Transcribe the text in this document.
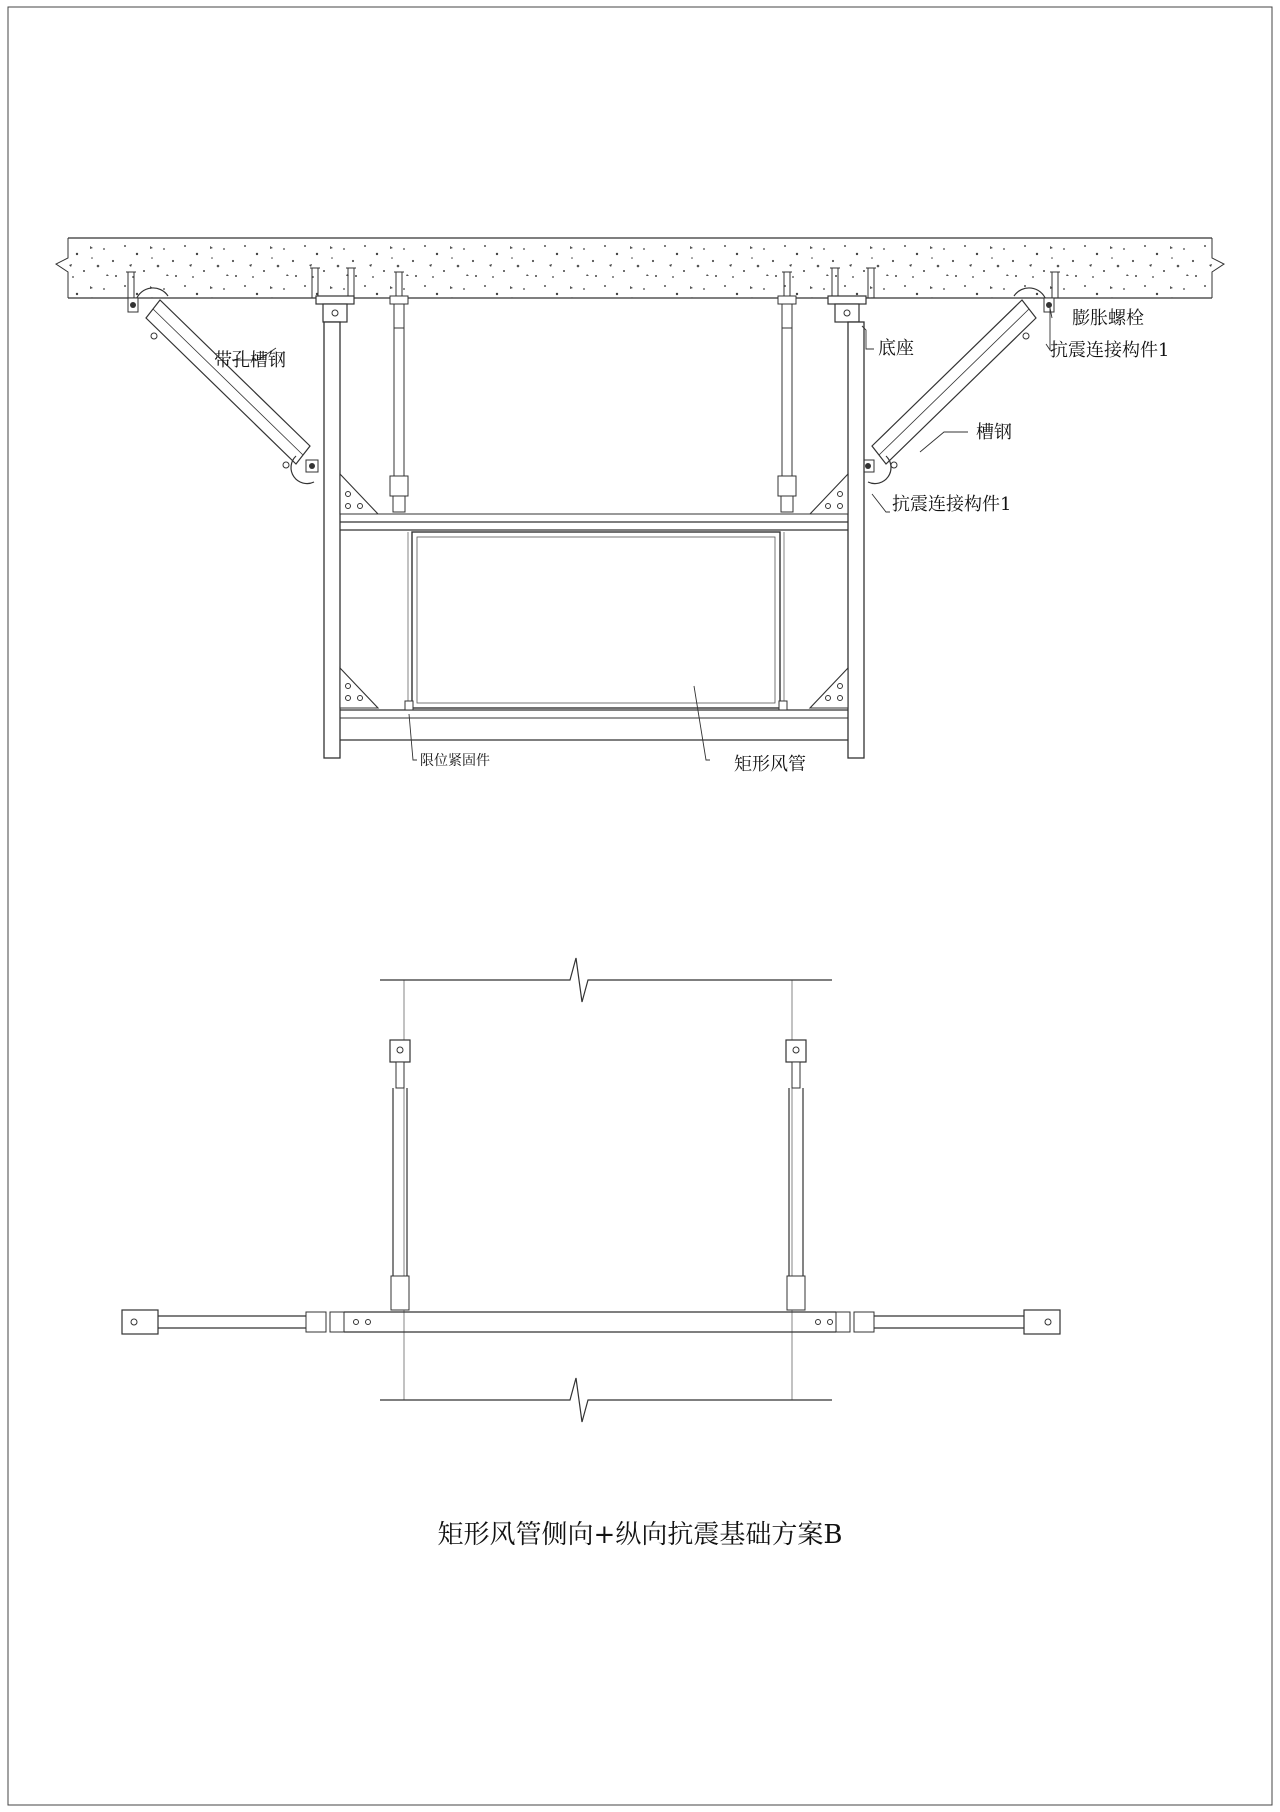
带孔槽钢
膨胀螺栓
抗震连接构件1
底座
槽钢
抗震连接构件1
限位紧固件	矩形风管
矩形风管侧向+纵向抗震基础方案B
